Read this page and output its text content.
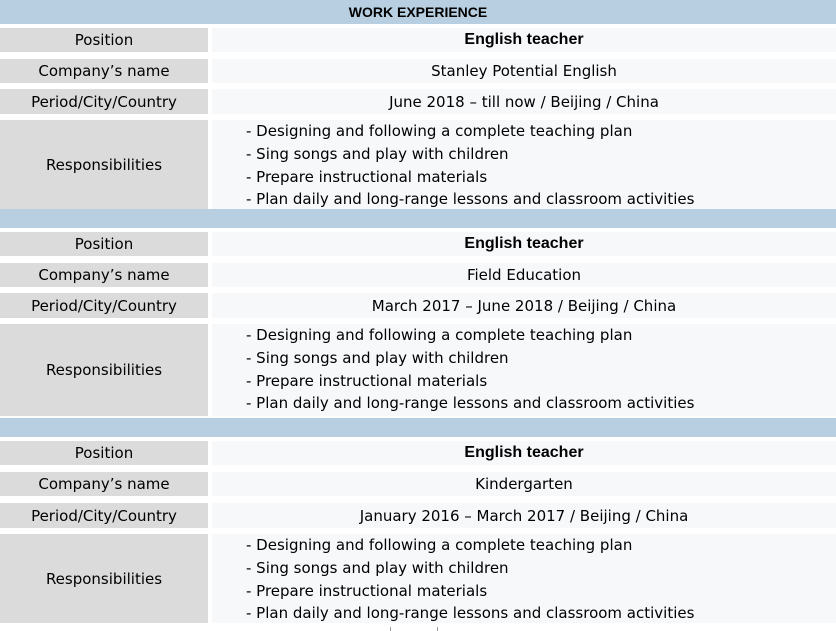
WORK EXPERIENCE
Position	English teacher
Company’s name	Stanley Potential English
Period/City/Country	June 2018 – till now / Beijing / China
Responsibilities
- Designing and following a complete teaching plan
- Sing songs and play with children
- Prepare instructional materials
- Plan daily and long-range lessons and classroom activities
Position	English teacher
Company’s name	Field Education
Period/City/Country	March 2017 – June 2018 / Beijing / China
Responsibilities
- Designing and following a complete teaching plan
- Sing songs and play with children
- Prepare instructional materials
- Plan daily and long-range lessons and classroom activities
Position	English teacher
Company’s name	Kindergarten
Period/City/Country	January 2016 – March 2017 / Beijing / China
Responsibilities
- Designing and following a complete teaching plan
- Sing songs and play with children
- Prepare instructional materials
- Plan daily and long-range lessons and classroom activities
